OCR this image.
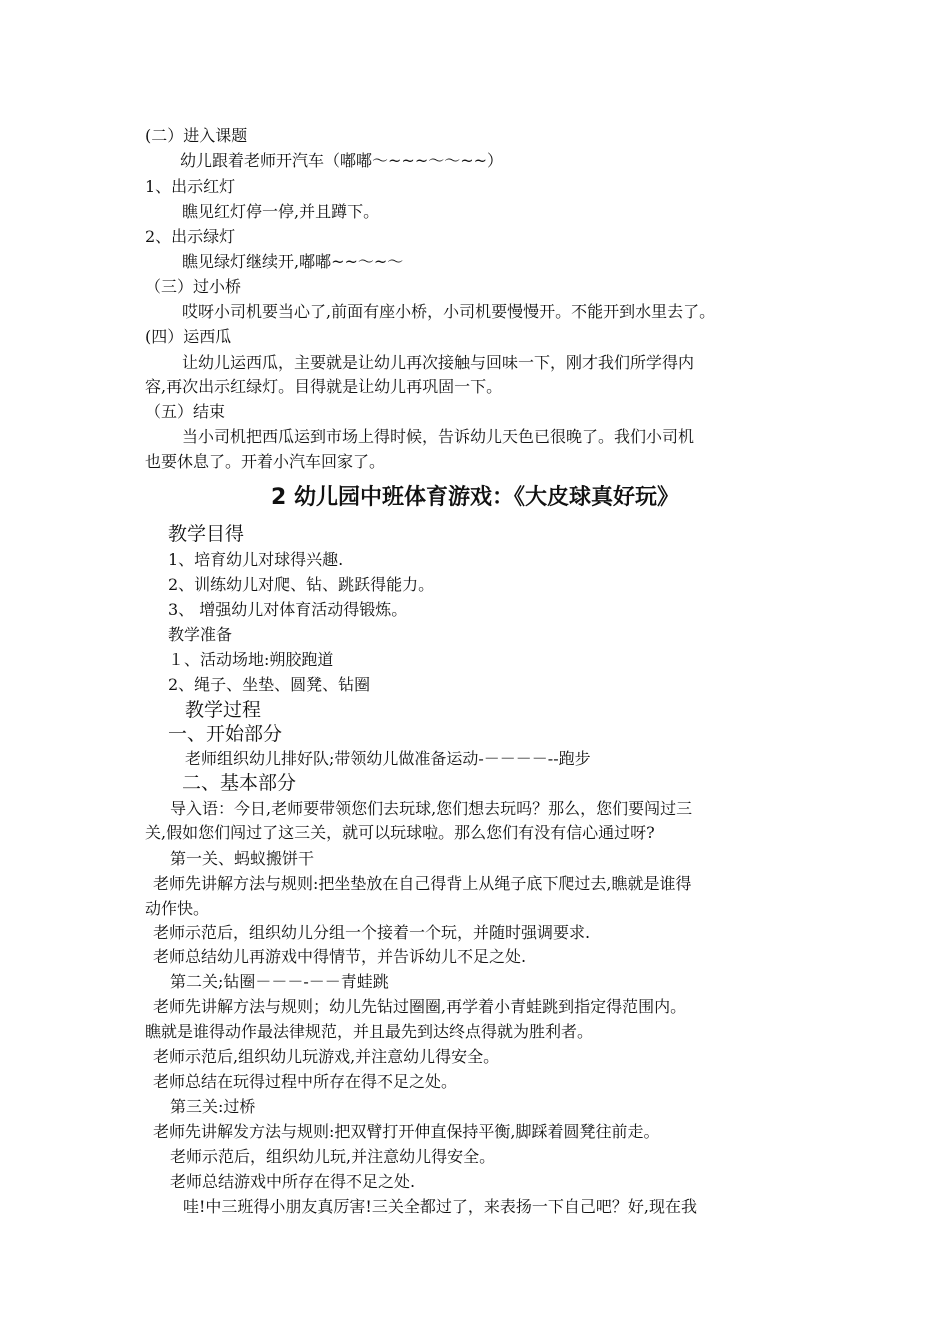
(二）进入课题
幼儿跟着老师开汽车（嘟嘟～~~~～～~~）
1、出示红灯
瞧见红灯停一停,并且蹲下。
2、出示绿灯
瞧见绿灯继续开,嘟嘟~~～~～
（三）过小桥
哎呀小司机要当心了,前面有座小桥，小司机要慢慢开。不能开到水里去了。
(四）运西瓜
让幼儿运西瓜，主要就是让幼儿再次接触与回味一下，刚才我们所学得内
容,再次出示红绿灯。目得就是让幼儿再巩固一下。
（五）结束
当小司机把西瓜运到市场上得时候，告诉幼儿天色已很晚了。我们小司机
也要休息了。开着小汽车回家了。
2 幼儿园中班体育游戏：《大皮球真好玩》
教学目得
1、培育幼儿对球得兴趣.
2、训练幼儿对爬、钻、跳跃得能力。
3、 增强幼儿对体育活动得锻炼。
教学准备
１、活动场地:朔胶跑道
2、绳子、坐垫、圆凳、钻圈
教学过程
一、开始部分
老师组织幼儿排好队;带领幼儿做准备运动-－－－－--跑步
二、基本部分
导入语：今日,老师要带领您们去玩球,您们想去玩吗？那么，您们要闯过三
关,假如您们闯过了这三关，就可以玩球啦。那么您们有没有信心通过呀?
第一关、蚂蚁搬饼干
老师先讲解方法与规则:把坐垫放在自己得背上从绳子底下爬过去,瞧就是谁得
动作快。
老师示范后，组织幼儿分组一个接着一个玩，并随时强调要求.
老师总结幼儿再游戏中得情节，并告诉幼儿不足之处.
第二关;钻圈－－－-－－青蛙跳
老师先讲解方法与规则；幼儿先钻过圈圈,再学着小青蛙跳到指定得范围内。
瞧就是谁得动作最法律规范，并且最先到达终点得就为胜利者。
老师示范后,组织幼儿玩游戏,并注意幼儿得安全。
老师总结在玩得过程中所存在得不足之处。
第三关:过桥
老师先讲解发方法与规则:把双臂打开伸直保持平衡,脚踩着圆凳往前走。
老师示范后，组织幼儿玩,并注意幼儿得安全。
老师总结游戏中所存在得不足之处.
哇!中三班得小朋友真厉害!三关全都过了，来表扬一下自己吧？好,现在我
